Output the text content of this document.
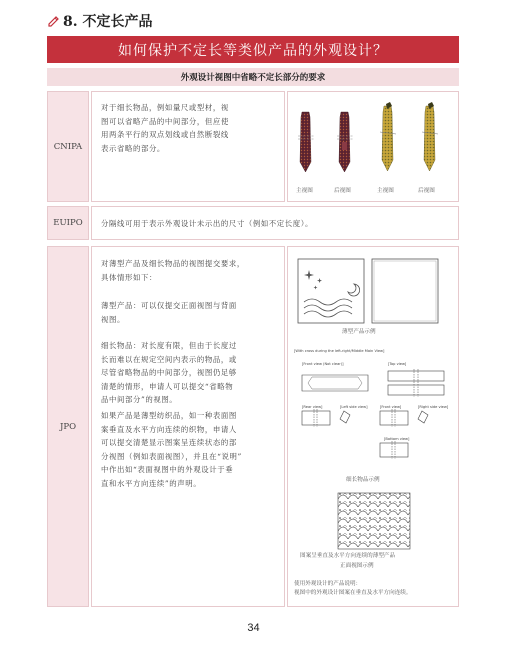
8. 不定长产品
如何保护不定长等类似产品的外观设计？
外观设计视图中省略不定长部分的要求
CNIPA

对于细长物品，例如量尺或型材，视
图可以省略产品的中间部分，但应使
用两条平行的双点划线或自然断裂线
表示省略的部分。

主视图	后视图	主视图	后视图
EUIPO	分隔线可用于表示外观设计未示出的尺寸（例如不定长度）。

JPO

对薄型产品及细长物品的视图提交要求，
具体情形如下：

薄型产品：可以仅提交正面视图与背面
视图。

细长物品：对长度有限，但由于长度过
长而难以在规定空间内表示的物品，或
尽管省略物品的中间部分，视图仍足够
清楚的情形，申请人可以提交“省略物
品中间部分”的视图。

如果产品是薄型纺织品，如一种表面图
案垂直及水平方向连续的织物，申请人
可以提交清楚显示图案呈连续状态的部
分视图（例如表面视图），并且在“说明”
中作出如“表面视图中的外观设计于垂
直和水平方向连续”的声明。

薄型产品示例
[With cross during the left-right/Middle Main View]
[Front view (Not clear)]	[Top view]
[Rear view]	[Left side view]	[Front view]	[Right side view]
[Bottom view]
细长物品示例
图案呈垂直及水平方向连续的薄型产品
正面视图示例
使用外观设计的产品说明：
视图中的外观设计图案在垂直及水平方向连续。
34
